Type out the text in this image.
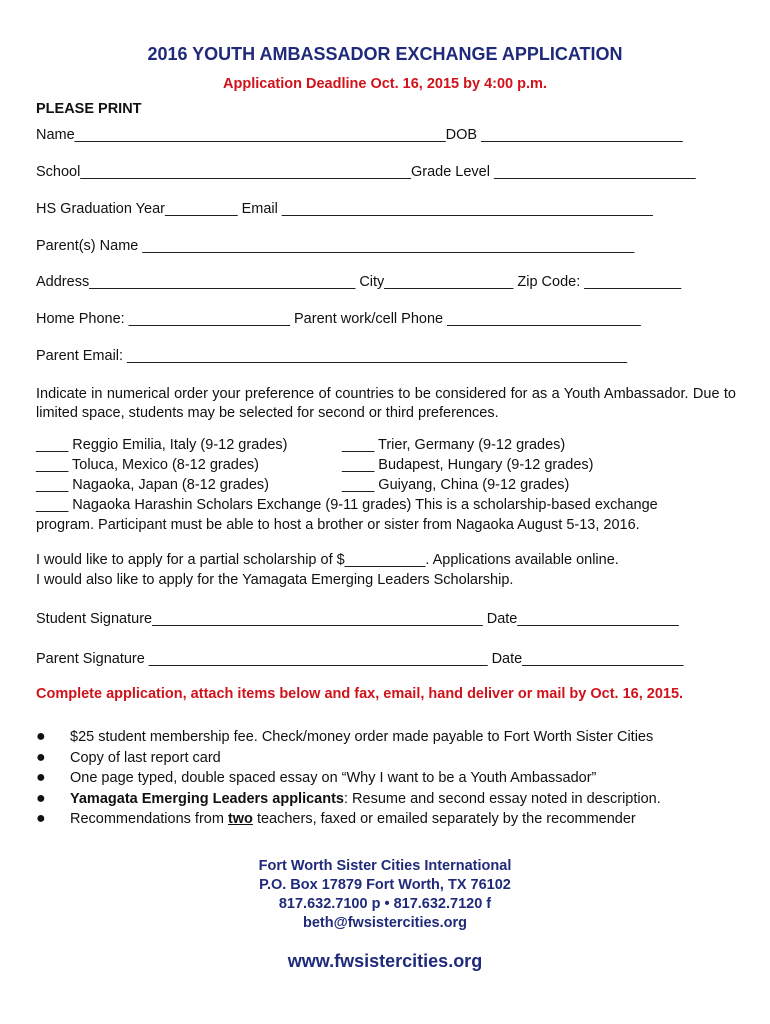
2016 YOUTH AMBASSADOR EXCHANGE APPLICATION
Application Deadline Oct. 16, 2015 by 4:00 p.m.
PLEASE PRINT
Name______________________________________________DOB _________________________
School_________________________________________Grade Level _________________________
HS Graduation Year_________ Email ______________________________________________
Parent(s) Name _____________________________________________________________
Address_________________________________ City________________ Zip Code: ____________
Home Phone: ____________________ Parent work/cell Phone ________________________
Parent Email: ______________________________________________________________
Indicate in numerical order your preference of countries to be considered for as a Youth Ambassador. Due to limited space, students may be selected for second or third preferences.
____ Reggio Emilia, Italy (9-12 grades)
____ Toluca, Mexico (8-12 grades)
____ Nagaoka, Japan (8-12 grades)
____ Trier, Germany (9-12 grades)
____ Budapest, Hungary (9-12 grades)
____ Guiyang, China (9-12 grades)
____ Nagaoka Harashin Scholars Exchange (9-11 grades) This is a scholarship-based exchange
program. Participant must be able to host a brother or sister from Nagaoka August 5-13, 2016.
I would like to apply for a partial scholarship of $__________. Applications available online.
I would also like to apply for the Yamagata Emerging Leaders Scholarship.
Student Signature_________________________________________ Date____________________
Parent Signature __________________________________________ Date____________________
Complete application, attach items below and fax, email, hand deliver or mail by Oct. 16, 2015.
● $25 student membership fee. Check/money order made payable to Fort Worth Sister Cities
● Copy of last report card
● One page typed, double spaced essay on “Why I want to be a Youth Ambassador”
● Yamagata Emerging Leaders applicants: Resume and second essay noted in description.
● Recommendations from two teachers, faxed or emailed separately by the recommender
Fort Worth Sister Cities International
P.O. Box 17879 Fort Worth, TX 76102
817.632.7100 p • 817.632.7120 f
beth@fwsistercities.org
www.fwsistercities.org
